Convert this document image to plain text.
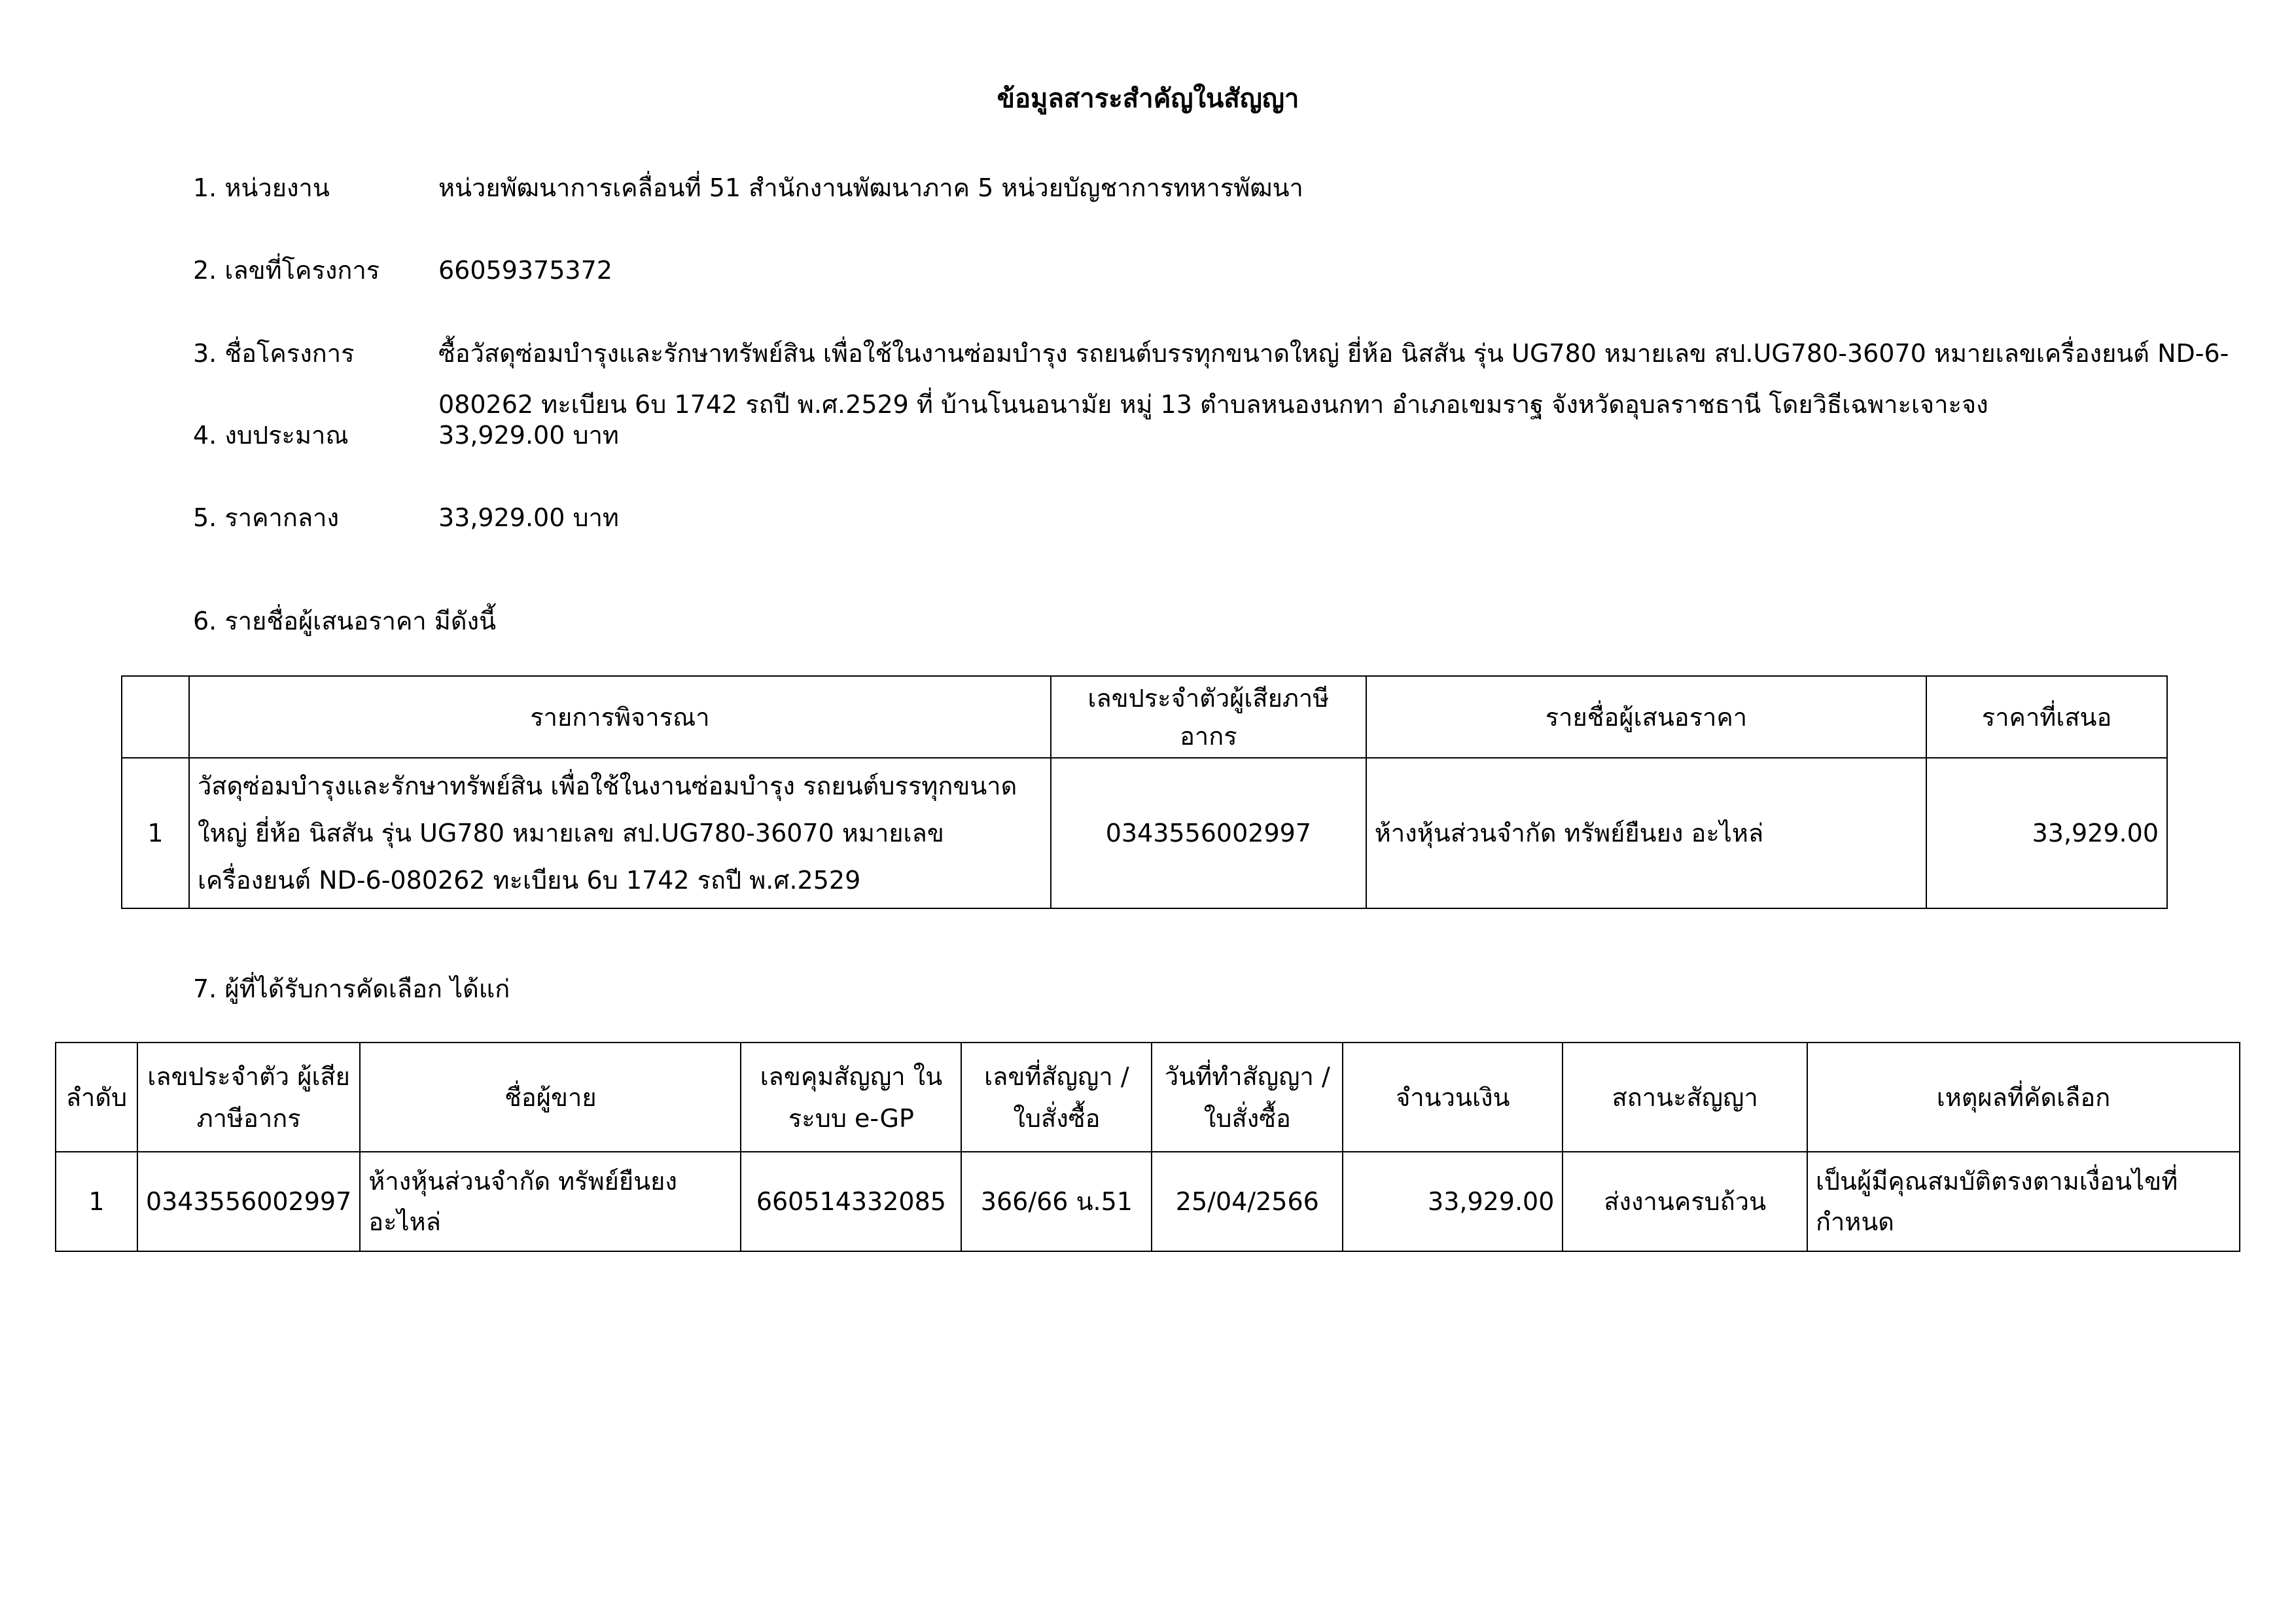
ข้อมูลสาระสำคัญในสัญญา
1. หน่วยงาน	หน่วยพัฒนาการเคลื่อนที่ 51 สำนักงานพัฒนาภาค 5 หน่วยบัญชาการทหารพัฒนา
2. เลขที่โครงการ 66059375372
3. ชื่อโครงการ	ซื้อวัสดุซ่อมบำรุงและรักษาทรัพย์สิน เพื่อใช้ในงานซ่อมบำรุง รถยนต์บรรทุกขนาดใหญ่ ยี่ห้อ นิสสัน รุ่น UG780 หมายเลข สป.UG780-36070 หมายเลขเครื่องยนต์ ND-6-080262 ทะเบียน 6บ 1742 รถปี พ.ศ.2529 ที่ บ้านโนนอนามัย หมู่ 13 ตำบลหนองนกทา อำเภอเขมราฐ จังหวัดอุบลราชธานี โดยวิธีเฉพาะเจาะจง
4. งบประมาณ	33,929.00 บาท
5. ราคากลาง	33,929.00 บาท
6. รายชื่อผู้เสนอราคา มีดังนี้
	รายการพิจารณา	เลขประจำตัวผู้เสียภาษีอากร	รายชื่อผู้เสนอราคา	ราคาที่เสนอ
1	วัสดุซ่อมบำรุงและรักษาทรัพย์สิน เพื่อใช้ในงานซ่อมบำรุง รถยนต์บรรทุกขนาดใหญ่ ยี่ห้อ นิสสัน รุ่น UG780 หมายเลข สป.UG780-36070 หมายเลขเครื่องยนต์ ND-6-080262 ทะเบียน 6บ 1742 รถปี พ.ศ.2529	0343556002997	ห้างหุ้นส่วนจำกัด ทรัพย์ยืนยง อะไหล่	33,929.00
7. ผู้ที่ได้รับการคัดเลือก ได้แก่
ลำดับ	เลขประจำตัว ผู้เสียภาษีอากร	ชื่อผู้ขาย	เลขคุมสัญญา ในระบบ e-GP	เลขที่สัญญา / ใบสั่งซื้อ	วันที่ทำสัญญา / ใบสั่งซื้อ	จำนวนเงิน	สถานะสัญญา	เหตุผลที่คัดเลือก
1	0343556002997	ห้างหุ้นส่วนจำกัด ทรัพย์ยืนยง อะไหล่	660514332085	366/66 น.51	25/04/2566	33,929.00	ส่งงานครบถ้วน	เป็นผู้มีคุณสมบัติตรงตามเงื่อนไขที่กำหนด
